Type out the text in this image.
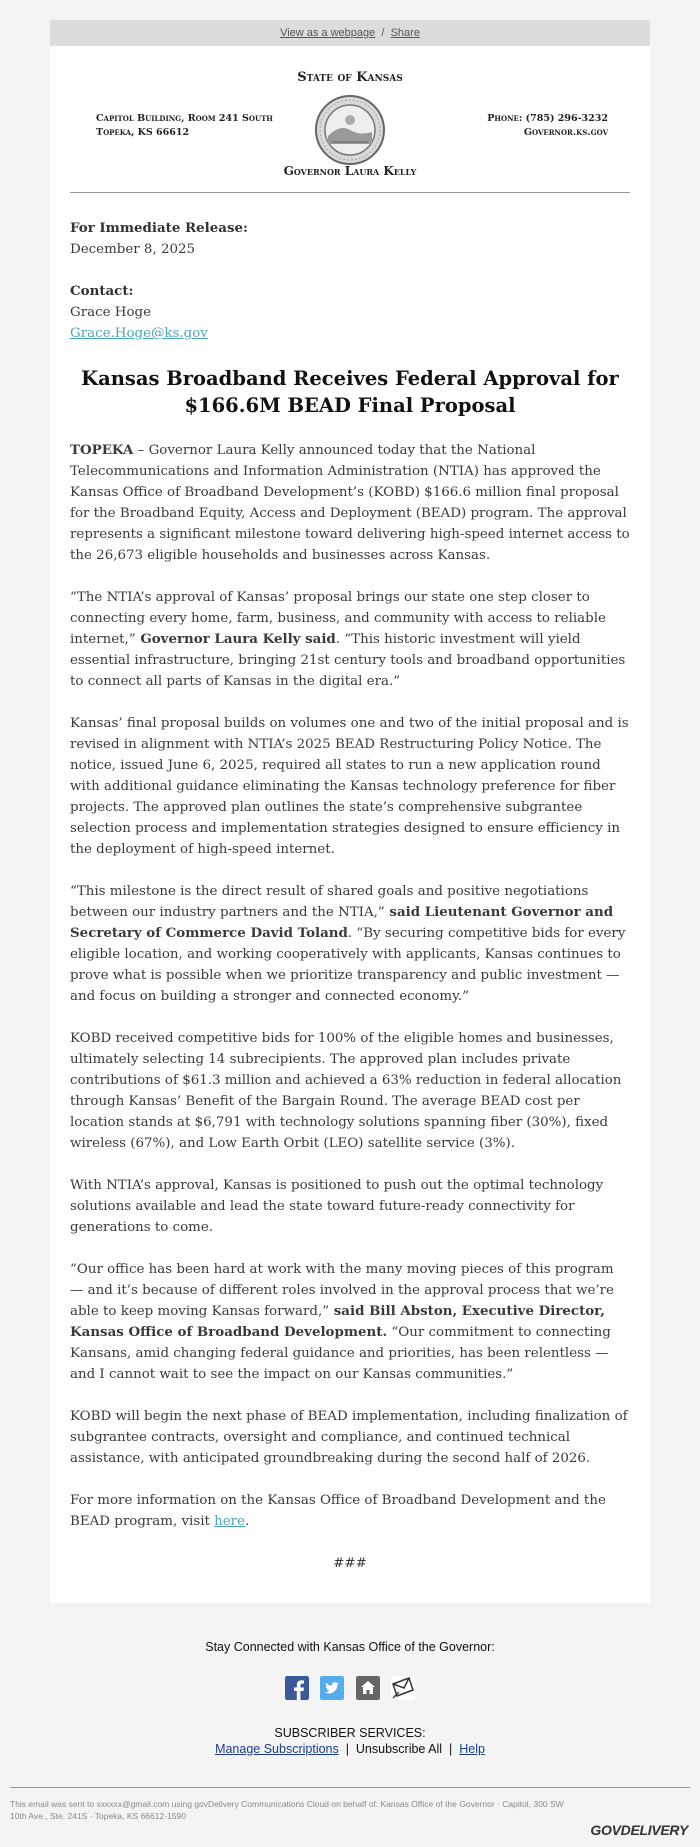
View as a webpage / Share
State of Kansas
Capitol Building, Room 241 South
Topeka, KS 66612
Phone: (785) 296-3232
Governor.ks.gov
Governor Laura Kelly

For Immediate Release:
December 8, 2025

Contact:
Grace Hoge
Grace.Hoge@ks.gov

Kansas Broadband Receives Federal Approval for $166.6M BEAD Final Proposal

TOPEKA – Governor Laura Kelly announced today that the National Telecommunications and Information Administration (NTIA) has approved the Kansas Office of Broadband Development’s (KOBD) $166.6 million final proposal for the Broadband Equity, Access and Deployment (BEAD) program. The approval represents a significant milestone toward delivering high-speed internet access to the 26,673 eligible households and businesses across Kansas.

“The NTIA’s approval of Kansas’ proposal brings our state one step closer to connecting every home, farm, business, and community with access to reliable internet,” Governor Laura Kelly said. “This historic investment will yield essential infrastructure, bringing 21st century tools and broadband opportunities to connect all parts of Kansas in the digital era.”

Kansas’ final proposal builds on volumes one and two of the initial proposal and is revised in alignment with NTIA’s 2025 BEAD Restructuring Policy Notice. The notice, issued June 6, 2025, required all states to run a new application round with additional guidance eliminating the Kansas technology preference for fiber projects. The approved plan outlines the state’s comprehensive subgrantee selection process and implementation strategies designed to ensure efficiency in the deployment of high-speed internet.

“This milestone is the direct result of shared goals and positive negotiations between our industry partners and the NTIA,” said Lieutenant Governor and Secretary of Commerce David Toland. “By securing competitive bids for every eligible location, and working cooperatively with applicants, Kansas continues to prove what is possible when we prioritize transparency and public investment — and focus on building a stronger and connected economy.”

KOBD received competitive bids for 100% of the eligible homes and businesses, ultimately selecting 14 subrecipients. The approved plan includes private contributions of $61.3 million and achieved a 63% reduction in federal allocation through Kansas’ Benefit of the Bargain Round. The average BEAD cost per location stands at $6,791 with technology solutions spanning fiber (30%), fixed wireless (67%), and Low Earth Orbit (LEO) satellite service (3%).

With NTIA’s approval, Kansas is positioned to push out the optimal technology solutions available and lead the state toward future-ready connectivity for generations to come.

“Our office has been hard at work with the many moving pieces of this program — and it’s because of different roles involved in the approval process that we’re able to keep moving Kansas forward,” said Bill Abston, Executive Director, Kansas Office of Broadband Development. “Our commitment to connecting Kansans, amid changing federal guidance and priorities, has been relentless — and I cannot wait to see the impact on our Kansas communities.”

KOBD will begin the next phase of BEAD implementation, including finalization of subgrantee contracts, oversight and compliance, and continued technical assistance, with anticipated groundbreaking during the second half of 2026.

For more information on the Kansas Office of Broadband Development and the BEAD program, visit here.

###

Stay Connected with Kansas Office of the Governor:

SUBSCRIBER SERVICES:
Manage Subscriptions | Unsubscribe All | Help
This email was sent to xxxxxx@gmail.com using govDelivery Communications Cloud on behalf of: Kansas Office of the Governor · Capitol, 300 SW 10th Ave., Ste. 241S · Topeka, KS 66612-1590
GOVDELIVERY
